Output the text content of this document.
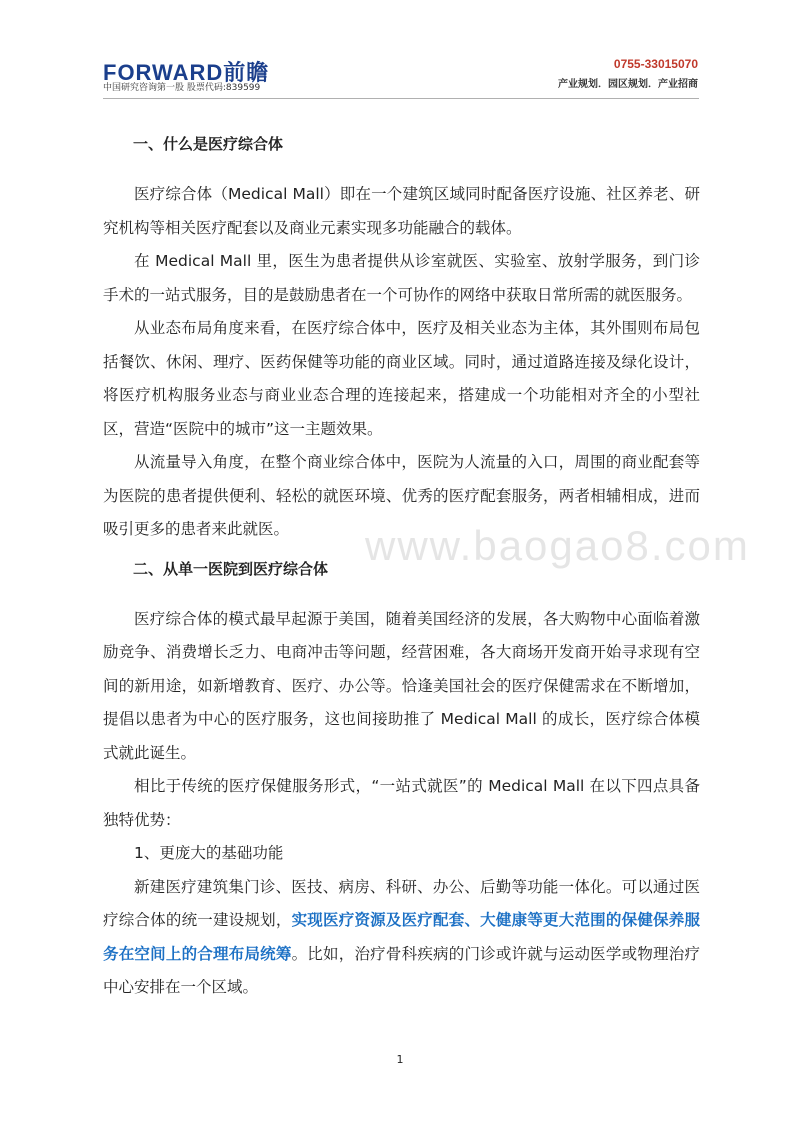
FORWARD前瞻
中国研究咨询第一股 股票代码:839599
0755-33015070
产业规划．园区规划．产业招商
www.baogao8.com
一、什么是医疗综合体

医疗综合体（Medical Mall）即在一个建筑区域同时配备医疗设施、社区养老、研究机构等相关医疗配套以及商业元素实现多功能融合的载体。

在 Medical Mall 里，医生为患者提供从诊室就医、实验室、放射学服务，到门诊手术的一站式服务，目的是鼓励患者在一个可协作的网络中获取日常所需的就医服务。

从业态布局角度来看，在医疗综合体中，医疗及相关业态为主体，其外围则布局包括餐饮、休闲、理疗、医药保健等功能的商业区域。同时，通过道路连接及绿化设计，将医疗机构服务业态与商业业态合理的连接起来，搭建成一个功能相对齐全的小型社区，营造“医院中的城市”这一主题效果。

从流量导入角度，在整个商业综合体中，医院为人流量的入口，周围的商业配套等为医院的患者提供便利、轻松的就医环境、优秀的医疗配套服务，两者相辅相成，进而吸引更多的患者来此就医。

二、从单一医院到医疗综合体

医疗综合体的模式最早起源于美国，随着美国经济的发展，各大购物中心面临着激励竞争、消费增长乏力、电商冲击等问题，经营困难，各大商场开发商开始寻求现有空间的新用途，如新增教育、医疗、办公等。恰逢美国社会的医疗保健需求在不断增加，提倡以患者为中心的医疗服务，这也间接助推了 Medical Mall 的成长，医疗综合体模式就此诞生。

相比于传统的医疗保健服务形式，“一站式就医”的 Medical Mall 在以下四点具备独特优势：

1、更庞大的基础功能

新建医疗建筑集门诊、医技、病房、科研、办公、后勤等功能一体化。可以通过医疗综合体的统一建设规划，实现医疗资源及医疗配套、大健康等更大范围的保健保养服务在空间上的合理布局统筹。比如，治疗骨科疾病的门诊或许就与运动医学或物理治疗中心安排在一个区域。

1
